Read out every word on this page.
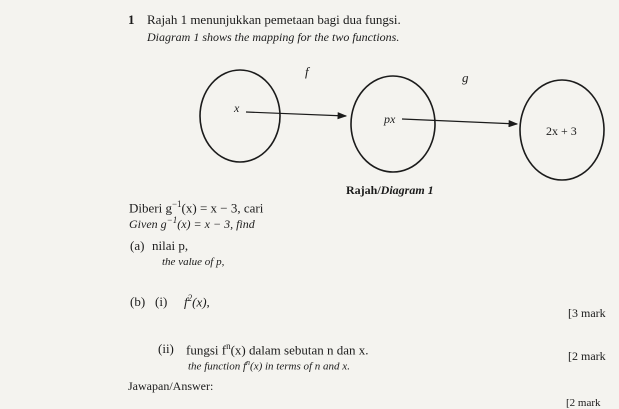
1 Rajah 1 menunjukkan pemetaan bagi dua fungsi.
Diagram 1 shows the mapping for the two functions.
f	g
x
px
2x + 3
Rajah/Diagram 1
Diberi $g^{-1}(x) = x - 3$, cari
Given $g^{-1}(x) = x - 3$, find
(a) nilai p,
the value of p,
(b) (i) $f^2(x)$,
[3 mark
(ii) fungsi $f^n(x)$ dalam sebutan n dan x.
the function $f^n(x)$ in terms of n and x.
[2 mark
Jawapan/Answer:
[2 mark
